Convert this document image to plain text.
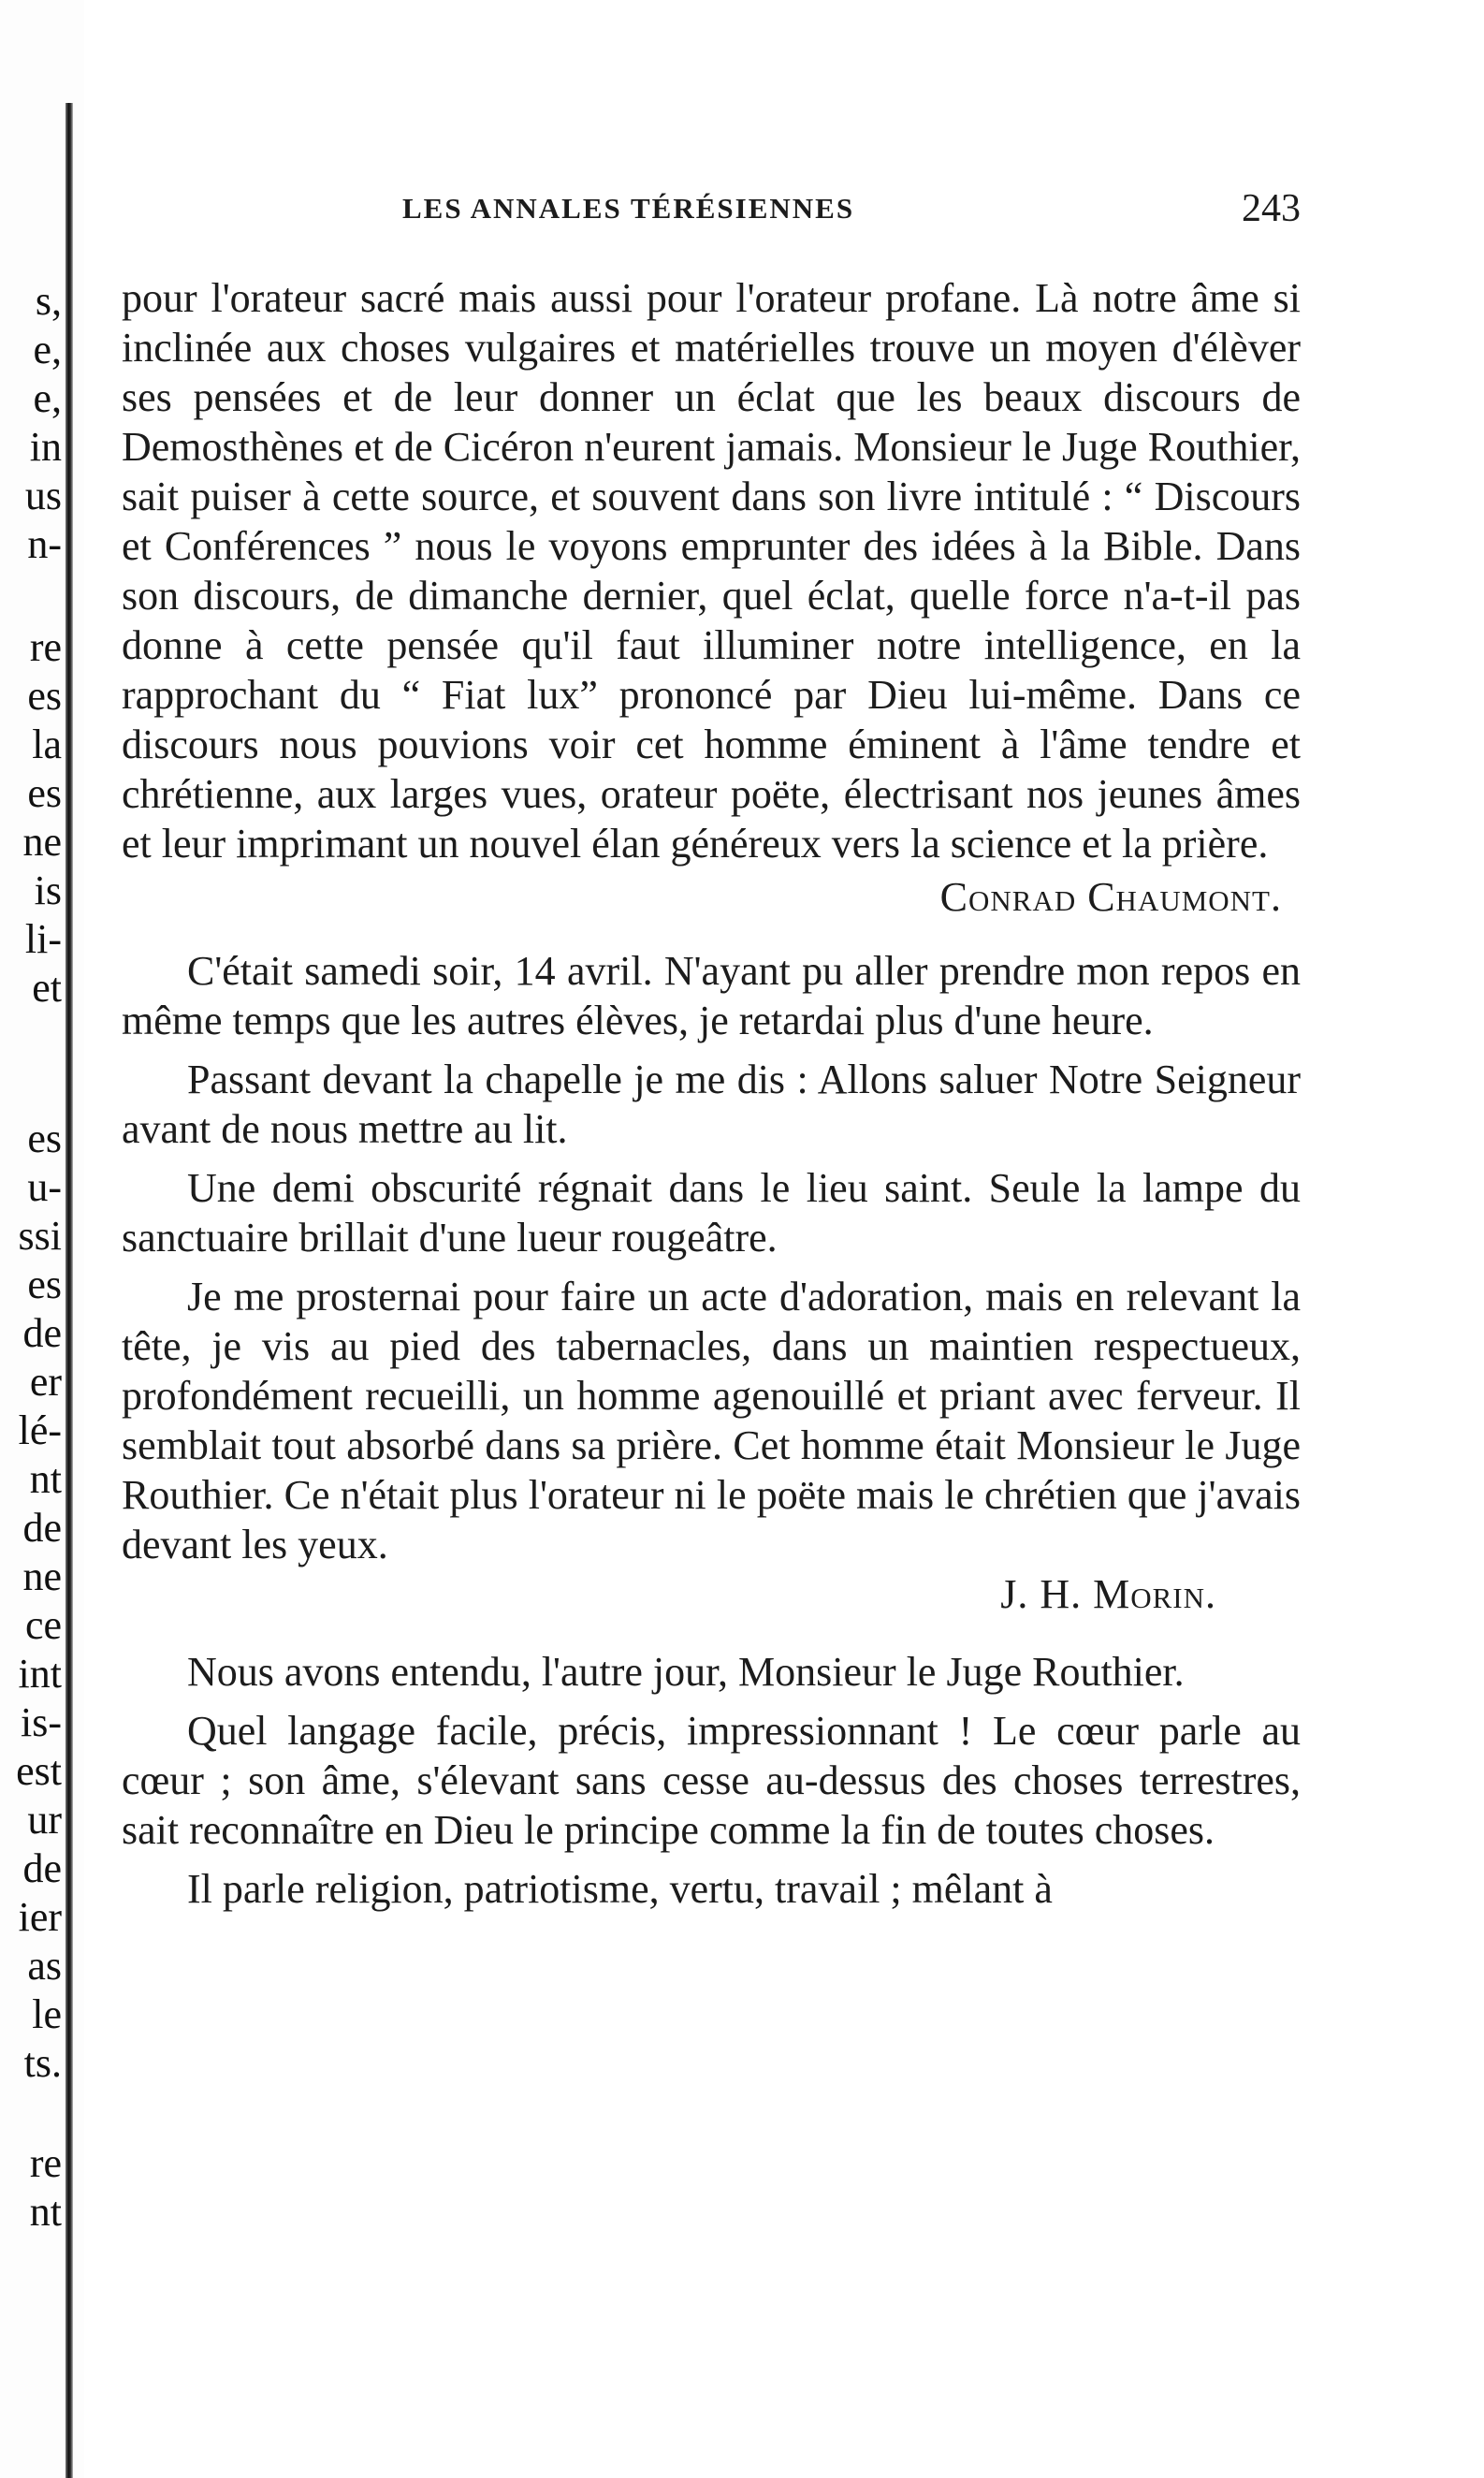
s,
e,
e,
in
us
n-
re
es
la
es
ne
is
li-
et
es
u-
ssi
es
de
er
lé-
nt
de
ne
ce
int
is-
est
ur
de
ier
as
le
ts.
re
nt
LES ANNALES TÉRÉSIENNES	243

pour l'orateur sacré mais aussi pour l'orateur profane. Là notre âme si inclinée aux choses vulgaires et matérielles trouve un moyen d'élèver ses pensées et de leur donner un éclat que les beaux discours de Demosthènes et de Cicéron n'eurent jamais. Monsieur le Juge Routhier, sait puiser à cette source, et souvent dans son livre intitulé : “ Discours et Conférences ” nous le voyons emprunter des idées à la Bible. Dans son discours, de dimanche dernier, quel éclat, quelle force n'a-t-il pas donne à cette pensée qu'il faut illuminer notre intelligence, en la rapprochant du “ Fiat lux” prononcé par Dieu lui-même. Dans ce discours nous pouvions voir cet homme éminent à l'âme tendre et chrétienne, aux larges vues, orateur poëte, électrisant nos jeunes âmes et leur imprimant un nouvel élan généreux vers la science et la prière.

Conrad Chaumont.

C'était samedi soir, 14 avril. N'ayant pu aller prendre mon repos en même temps que les autres élèves, je retardai plus d'une heure.

Passant devant la chapelle je me dis : Allons saluer Notre Seigneur avant de nous mettre au lit.

Une demi obscurité régnait dans le lieu saint. Seule la lampe du sanctuaire brillait d'une lueur rougeâtre.

Je me prosternai pour faire un acte d'adoration, mais en relevant la tête, je vis au pied des tabernacles, dans un maintien respectueux, profondément recueilli, un homme agenouillé et priant avec ferveur. Il semblait tout absorbé dans sa prière. Cet homme était Monsieur le Juge Routhier. Ce n'était plus l'orateur ni le poëte mais le chrétien que j'avais devant les yeux.

J. H. Morin.

Nous avons entendu, l'autre jour, Monsieur le Juge Routhier.

Quel langage facile, précis, impressionnant ! Le cœur parle au cœur ; son âme, s'élevant sans cesse au-dessus des choses terrestres, sait reconnaître en Dieu le principe comme la fin de toutes choses.

Il parle religion, patriotisme, vertu, travail ; mêlant à
